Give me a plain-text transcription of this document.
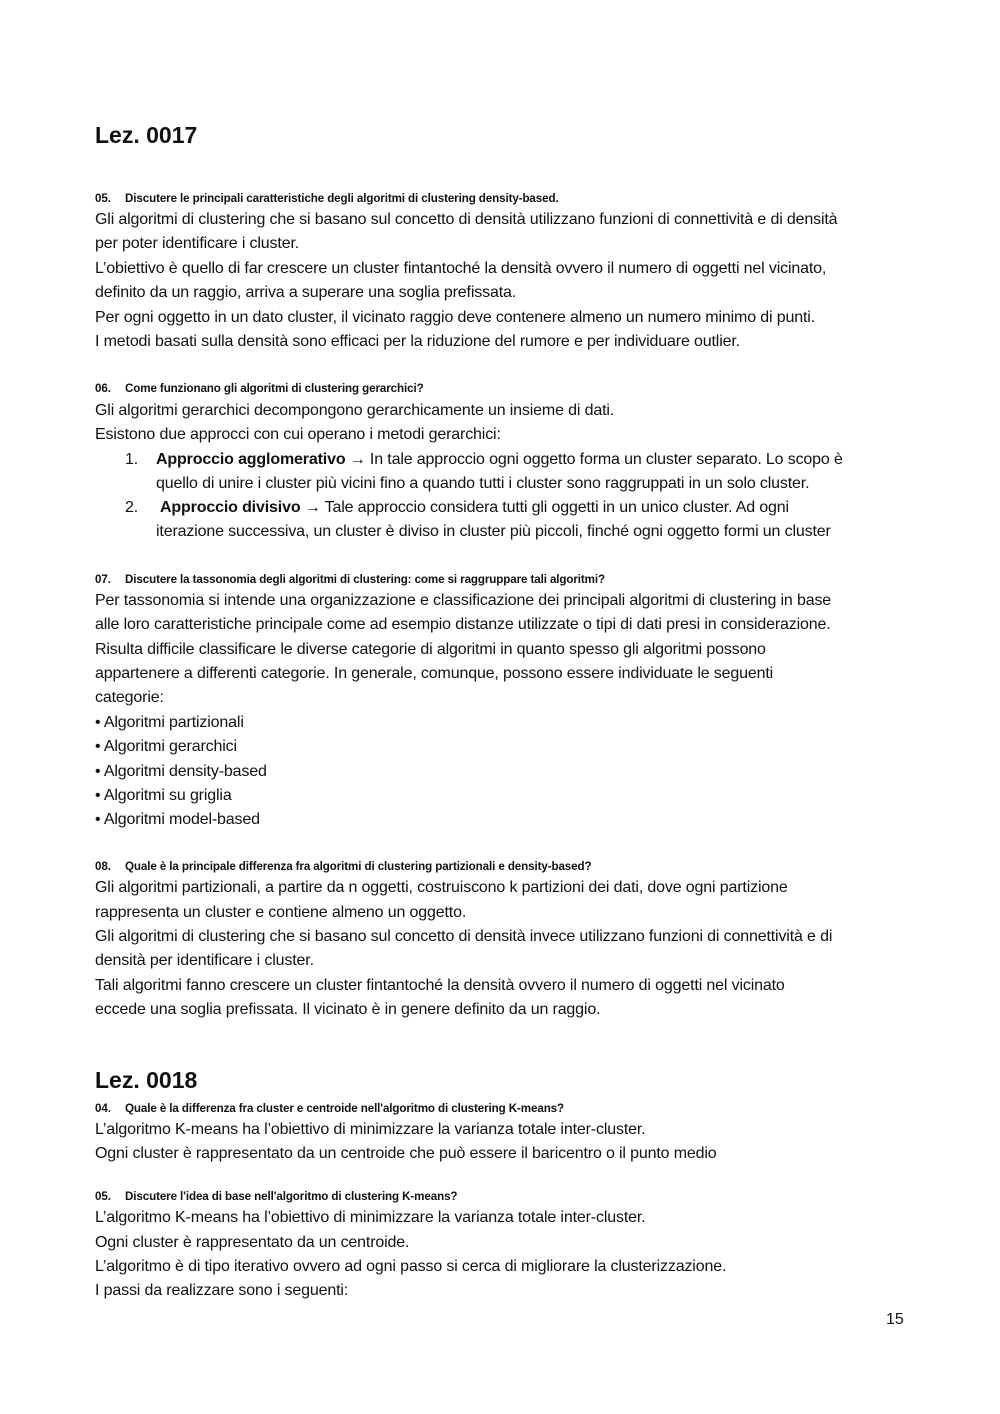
Lez. 0017
05. Discutere le principali caratteristiche degli algoritmi di clustering density-based.
Gli algoritmi di clustering che si basano sul concetto di densità utilizzano funzioni di connettività e di densità
per poter identificare i cluster.
L’obiettivo è quello di far crescere un cluster fintantoché la densità ovvero il numero di oggetti nel vicinato,
definito da un raggio, arriva a superare una soglia prefissata.
Per ogni oggetto in un dato cluster, il vicinato raggio deve contenere almeno un numero minimo di punti.
I metodi basati sulla densità sono efficaci per la riduzione del rumore e per individuare outlier.
06. Come funzionano gli algoritmi di clustering gerarchici?
Gli algoritmi gerarchici decompongono gerarchicamente un insieme di dati.
Esistono due approcci con cui operano i metodi gerarchici:
1. Approccio agglomerativo → In tale approccio ogni oggetto forma un cluster separato. Lo scopo è
quello di unire i cluster più vicini fino a quando tutti i cluster sono raggruppati in un solo cluster.
2. Approccio divisivo → Tale approccio considera tutti gli oggetti in un unico cluster. Ad ogni
iterazione successiva, un cluster è diviso in cluster più piccoli, finché ogni oggetto formi un cluster
07. Discutere la tassonomia degli algoritmi di clustering: come si raggruppare tali algoritmi?
Per tassonomia si intende una organizzazione e classificazione dei principali algoritmi di clustering in base
alle loro caratteristiche principale come ad esempio distanze utilizzate o tipi di dati presi in considerazione.
Risulta difficile classificare le diverse categorie di algoritmi in quanto spesso gli algoritmi possono
appartenere a differenti categorie. In generale, comunque, possono essere individuate le seguenti
categorie:
• Algoritmi partizionali
• Algoritmi gerarchici
• Algoritmi density-based
• Algoritmi su griglia
• Algoritmi model-based
08. Quale è la principale differenza fra algoritmi di clustering partizionali e density-based?
Gli algoritmi partizionali, a partire da n oggetti, costruiscono k partizioni dei dati, dove ogni partizione
rappresenta un cluster e contiene almeno un oggetto.
Gli algoritmi di clustering che si basano sul concetto di densità invece utilizzano funzioni di connettività e di
densità per identificare i cluster.
Tali algoritmi fanno crescere un cluster fintantoché la densità ovvero il numero di oggetti nel vicinato
eccede una soglia prefissata. Il vicinato è in genere definito da un raggio.
Lez. 0018
04. Quale è la differenza fra cluster e centroide nell'algoritmo di clustering K-means?
L’algoritmo K-means ha l’obiettivo di minimizzare la varianza totale inter-cluster.
Ogni cluster è rappresentato da un centroide che può essere il baricentro o il punto medio
05. Discutere l'idea di base nell'algoritmo di clustering K-means?
L’algoritmo K-means ha l’obiettivo di minimizzare la varianza totale inter-cluster.
Ogni cluster è rappresentato da un centroide.
L’algoritmo è di tipo iterativo ovvero ad ogni passo si cerca di migliorare la clusterizzazione.
I passi da realizzare sono i seguenti:
15
